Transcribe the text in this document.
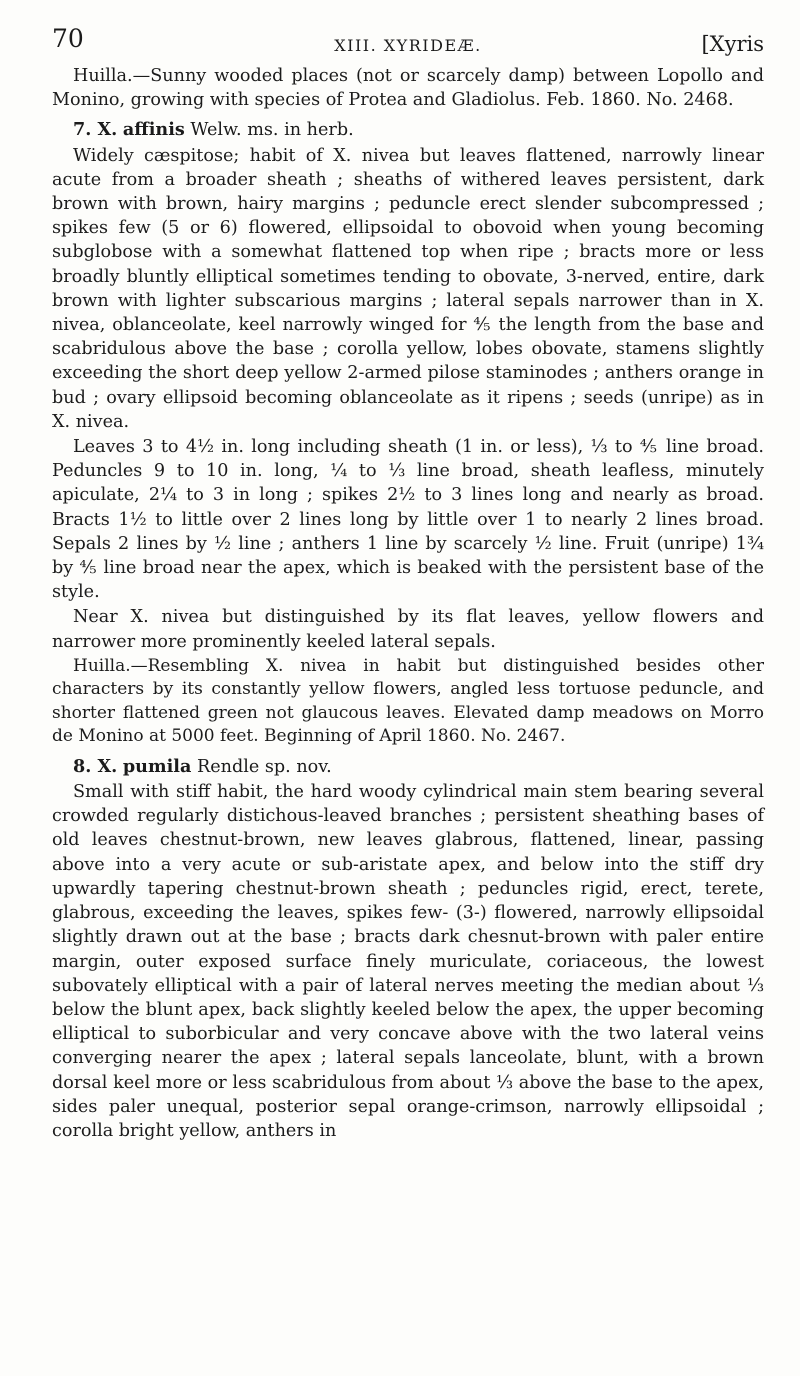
70	XIII. XYRIDEÆ.	[Xyris

Huilla.—Sunny wooded places (not or scarcely damp) between Lopollo and Monino, growing with species of Protea and Gladiolus. Feb. 1860. No. 2468.

7. X. affinis Welw. ms. in herb.

Widely cæspitose; habit of X. nivea but leaves flattened, narrowly linear acute from a broader sheath ; sheaths of withered leaves persistent, dark brown with brown, hairy margins ; peduncle erect slender subcompressed ; spikes few (5 or 6) flowered, ellipsoidal to obovoid when young becoming subglobose with a somewhat flattened top when ripe ; bracts more or less broadly bluntly elliptical sometimes tending to obovate, 3-nerved, entire, dark brown with lighter subscarious margins ; lateral sepals narrower than in X. nivea, oblanceolate, keel narrowly winged for ⅘ the length from the base and scabridulous above the base ; corolla yellow, lobes obovate, stamens slightly exceeding the short deep yellow 2-armed pilose staminodes ; anthers orange in bud ; ovary ellipsoid becoming oblanceolate as it ripens ; seeds (unripe) as in X. nivea.

Leaves 3 to 4½ in. long including sheath (1 in. or less), ⅓ to ⅘ line broad. Peduncles 9 to 10 in. long, ¼ to ⅓ line broad, sheath leafless, minutely apiculate, 2¼ to 3 in long ; spikes 2½ to 3 lines long and nearly as broad. Bracts 1½ to little over 2 lines long by little over 1 to nearly 2 lines broad. Sepals 2 lines by ½ line ; anthers 1 line by scarcely ½ line. Fruit (unripe) 1¾ by ⅘ line broad near the apex, which is beaked with the persistent base of the style.

Near X. nivea but distinguished by its flat leaves, yellow flowers and narrower more prominently keeled lateral sepals.

Huilla.—Resembling X. nivea in habit but distinguished besides other characters by its constantly yellow flowers, angled less tortuose peduncle, and shorter flattened green not glaucous leaves. Elevated damp meadows on Morro de Monino at 5000 feet. Beginning of April 1860. No. 2467.

8. X. pumila Rendle sp. nov.

Small with stiff habit, the hard woody cylindrical main stem bearing several crowded regularly distichous-leaved branches ; persistent sheathing bases of old leaves chestnut-brown, new leaves glabrous, flattened, linear, passing above into a very acute or sub-aristate apex, and below into the stiff dry upwardly tapering chestnut-brown sheath ; peduncles rigid, erect, terete, glabrous, exceeding the leaves, spikes few- (3-) flowered, narrowly ellipsoidal slightly drawn out at the base ; bracts dark chesnut-brown with paler entire margin, outer exposed surface finely muriculate, coriaceous, the lowest subovately elliptical with a pair of lateral nerves meeting the median about ⅓ below the blunt apex, back slightly keeled below the apex, the upper becoming elliptical to suborbicular and very concave above with the two lateral veins converging nearer the apex ; lateral sepals lanceolate, blunt, with a brown dorsal keel more or less scabridulous from about ⅓ above the base to the apex, sides paler unequal, posterior sepal orange-crimson, narrowly ellipsoidal ; corolla bright yellow, anthers in
